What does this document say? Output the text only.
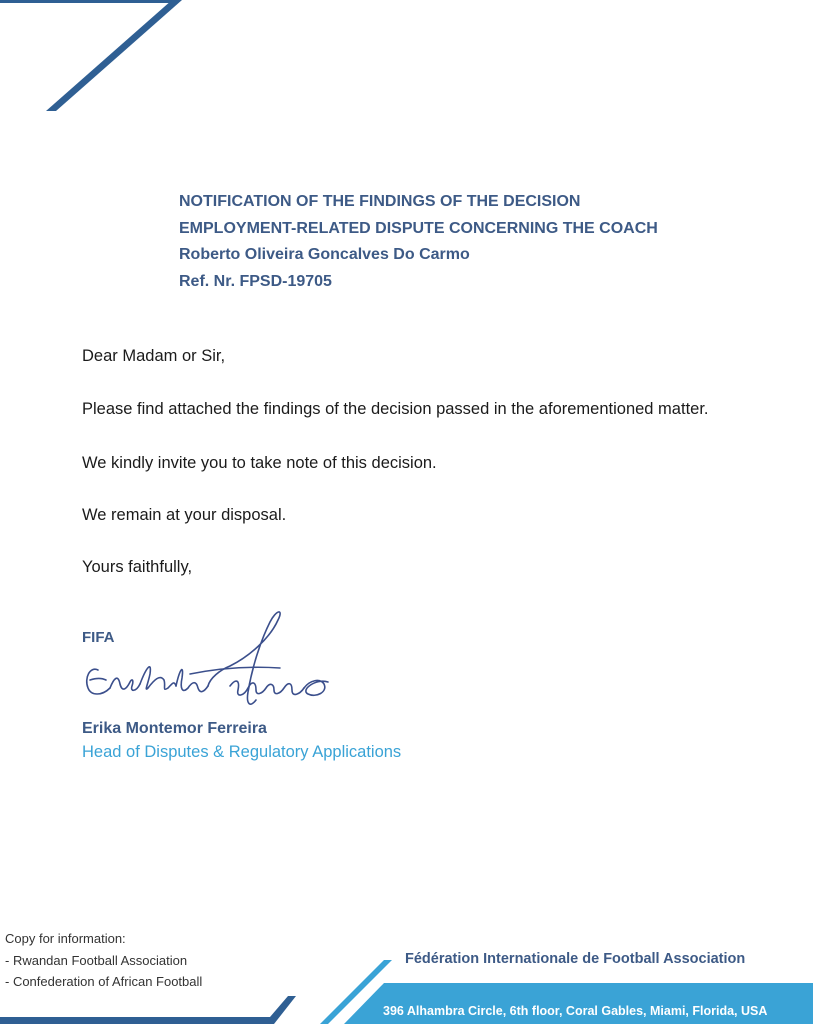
NOTIFICATION OF THE FINDINGS OF THE DECISION
EMPLOYMENT-RELATED DISPUTE CONCERNING THE COACH
Roberto Oliveira Goncalves Do Carmo
Ref. Nr. FPSD-19705
Dear Madam or Sir,
Please find attached the findings of the decision passed in the aforementioned matter.
We kindly invite you to take note of this decision.
We remain at your disposal.
Yours faithfully,
FIFA
Erika Montemor Ferreira
Head of Disputes & Regulatory Applications
Copy for information:
- Rwandan Football Association
- Confederation of African Football
Fédération Internationale de Football Association
396 Alhambra Circle, 6th floor, Coral Gables, Miami, Florida, USA
